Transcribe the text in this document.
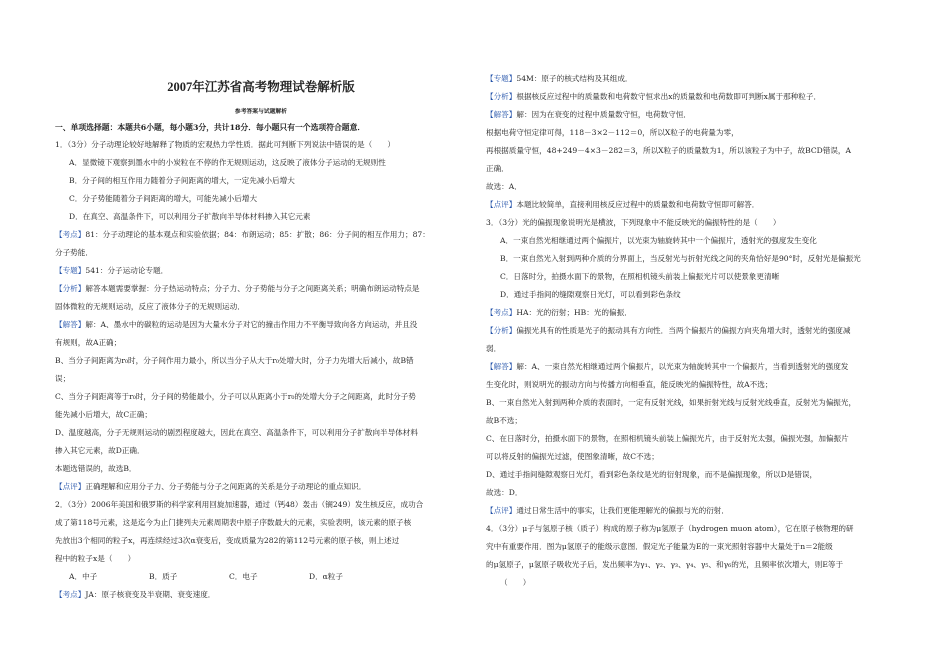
2007年江苏省高考物理试卷解析版
参考答案与试题解析
一、单项选择题：本题共6小题，每小题3分，共计18分．每小题只有一个选项符合题意．
1．（3分）分子动理论较好地解释了物质的宏观热力学性质．据此可判断下列说法中错误的是（　　）
A．显微镜下观察到墨水中的小炭粒在不停的作无规则运动，这反映了液体分子运动的无规则性
B．分子间的相互作用力随着分子间距离的增大，一定先减小后增大
C．分子势能随着分子间距离的增大，可能先减小后增大
D．在真空、高温条件下，可以利用分子扩散向半导体材料掺入其它元素
【考点】81：分子动理论的基本观点和实验依据；84：布朗运动；85：扩散；86：分子间的相互作用力；87：
分子势能．
【专题】541：分子运动论专题．
【分析】解答本题需要掌握：分子热运动特点；分子力、分子势能与分子之间距离关系；明确布朗运动特点是
固体微粒的无规则运动，反应了液体分子的无规则运动．
【解答】解：A、墨水中的碳粒的运动是因为大量水分子对它的撞击作用力不平衡导致向各方向运动，并且没
有规则，故A正确；
B、当分子间距离为r₀时，分子间作用力最小，所以当分子从大于r₀处增大时，分子力先增大后减小，故B错
误；
C、当分子间距离等于r₀时，分子间的势能最小，分子可以从距离小于r₀的处增大分子之间距离，此时分子势
能先减小后增大，故C正确；
D、温度越高，分子无规则运动的剧烈程度越大，因此在真空、高温条件下，可以利用分子扩散向半导体材料
掺入其它元素，故D正确．
本题选错误的，故选B．
【点评】正确理解和应用分子力、分子势能与分子之间距离的关系是分子动理论的重点知识．
2．（3分）2006年美国和俄罗斯的科学家利用回旋加速器，通过（钙48）轰击（锎249）发生核反应，成功合
成了第118号元素，这是迄今为止门捷列夫元素周期表中原子序数最大的元素，实验表明，该元素的原子核
先放出3个相同的粒子x，再连续经过3次α衰变后，变成质量为282的第112号元素的原子核，则上述过
程中的粒子x是（　　）
A．中子	B．质子	C．电子	D．α粒子
【考点】JA：原子核衰变及半衰期、衰变速度．
【专题】54M：原子的核式结构及其组成．
【分析】根据核反应过程中的质量数和电荷数守恒求出x的质量数和电荷数即可判断x属于那种粒子．
【解答】解：因为在衰变的过程中质量数守恒，电荷数守恒．
根据电荷守恒定律可得，118－3×2－112＝0，所以X粒子的电荷量为零，
再根据质量守恒，48+249－4×3－282＝3，所以X粒子的质量数为1，所以该粒子为中子，故BCD错误，A
正确．
故选：A．
【点评】本题比较简单，直接利用核反应过程中的质量数和电荷数守恒即可解答．
3．（3分）光的偏振现象说明光是横波，下列现象中不能反映光的偏振特性的是（　　）
A．一束自然光相继通过两个偏振片，以光束为轴旋转其中一个偏振片，透射光的强度发生变化
B．一束自然光入射到两种介质的分界面上，当反射光与折射光线之间的夹角恰好是90°时，反射光是偏振光
C．日落时分，拍摄水面下的景物，在照相机镜头前装上偏振光片可以使景象更清晰
D．通过手指间的缝隙观察日光灯，可以看到彩色条纹
【考点】HA：光的衍射；HB：光的偏振．
【分析】偏振光具有的性质是光子的振动具有方向性．当两个偏振片的偏振方向夹角增大时，透射光的强度减
弱．
【解答】解：A、一束自然光相继通过两个偏振片，以光束为轴旋转其中一个偏振片，当看到透射光的强度发
生变化时，则说明光的振动方向与传播方向相垂直，能反映光的偏振特性，故A不选；
B、一束自然光入射到两种介质的表面时，一定有反射光线，如果折射光线与反射光线垂直，反射光为偏振光，
故B不选；
C、在日落时分，拍摄水面下的景物，在照相机镜头前装上偏振光片，由于反射光太强，偏振光强，加偏振片
可以将反射的偏振光过滤，使图象清晰，故C不选；
D、通过手指间缝隙观察日光灯，看到彩色条纹是光的衍射现象，而不是偏振现象，所以D是错误，
故选：D．
【点评】通过日常生活中的事实，让我们更能理解光的偏振与光的衍射．
4．（3分）μ子与氢原子核（质子）构成的原子称为μ氢原子（hydrogen muon atom），它在原子核物理的研
究中有重要作用．图为μ氢原子的能级示意图．假定光子能量为E的一束光照射容器中大量处于n＝2能级
的μ氢原子，μ氢原子吸收光子后，发出频率为γ₁、γ₂、γ₃、γ₄、γ₅、和γ₆的光，且频率依次增大，则E等于
（　　）
